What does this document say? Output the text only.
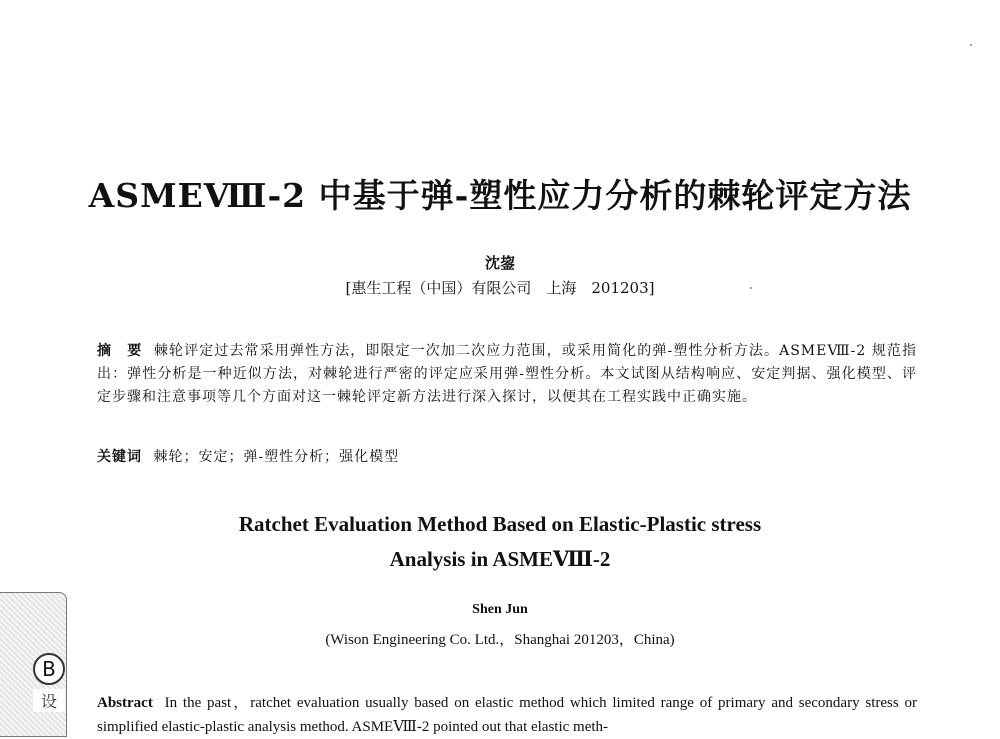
ASMEⅧ-2 中基于弹-塑性应力分析的棘轮评定方法
沈鋆
[惠生工程（中国）有限公司　上海　201203]
摘　要 棘轮评定过去常采用弹性方法，即限定一次加二次应力范围，或采用简化的弹-塑性分析方法。ASMEⅧ-2 规范指出：弹性分析是一种近似方法，对棘轮进行严密的评定应采用弹-塑性分析。本文试图从结构响应、安定判据、强化模型、评定步骤和注意事项等几个方面对这一棘轮评定新方法进行深入探讨，以便其在工程实践中正确实施。
关键词 棘轮；安定；弹-塑性分析；强化模型
Ratchet Evaluation Method Based on Elastic-Plastic stress
Analysis in ASMEⅧ-2
Shen Jun
(Wison Engineering Co. Ltd.，Shanghai 201203，China)
Abstract In the past，ratchet evaluation usually based on elastic method which limited range of primary and secondary stress or simplified elastic-plastic analysis method. ASMEⅧ-2 pointed out that elastic meth-
B
设
